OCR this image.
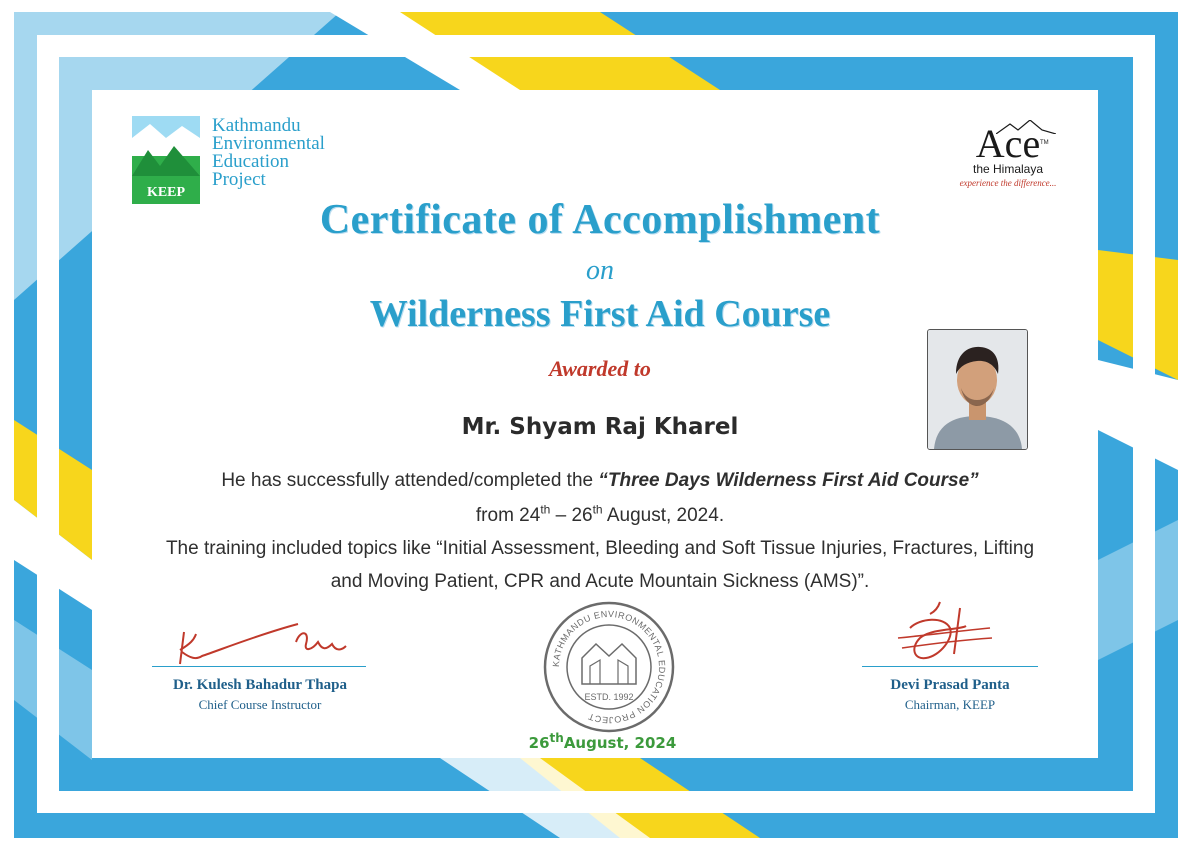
KEEP
Kathmandu
Environmental
Education
Project
Ace
the Himalaya
experience the difference...
TM
Certificate of Accomplishment
on
Wilderness First Aid Course
Awarded to
Mr. Shyam Raj Kharel
He has successfully attended/completed the “Three Days Wilderness First Aid Course”
from 24th – 26th August, 2024.
The training included topics like “Initial Assessment, Bleeding and Soft Tissue Injuries, Fractures, Lifting
and Moving Patient, CPR and Acute Mountain Sickness (AMS)”.
Dr. Kulesh Bahadur Thapa
Chief Course Instructor
Devi Prasad Panta
Chairman, KEEP
KATHMANDU ENVIRONMENTAL EDUCATION PROJECT
ESTD. 1992
26thAugust, 2024
